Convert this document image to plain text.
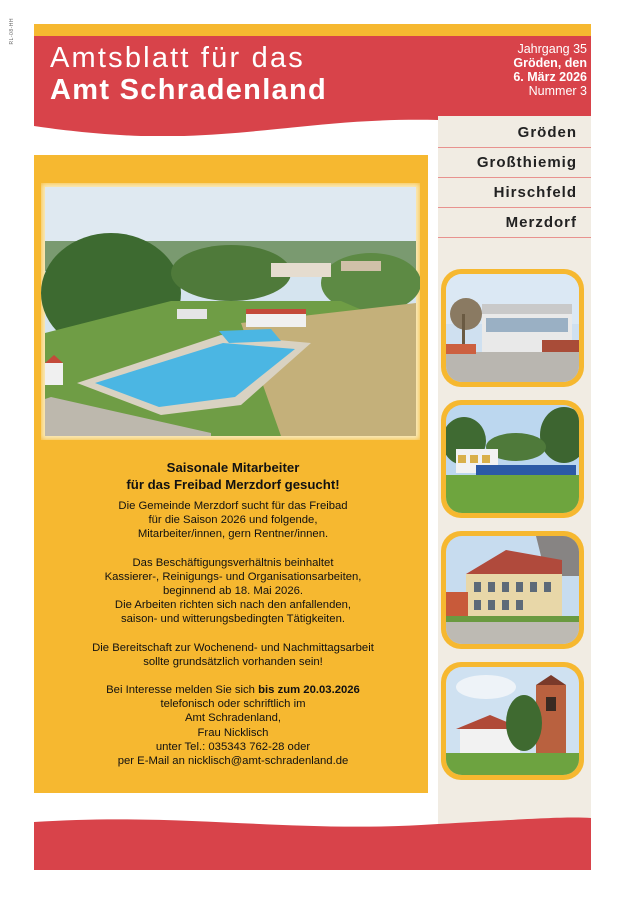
RL-08-HH
Amtsblatt für das
Amt Schradenland
Jahrgang 35
Gröden, den
6. März 2026
Nummer 3
Gröden
Großthiemig
Hirschfeld
Merzdorf
Saisonale Mitarbeiter
für das Freibad Merzdorf gesucht!

Die Gemeinde Merzdorf sucht für das Freibad
für die Saison 2026 und folgende,
Mitarbeiter/innen, gern Rentner/innen.

Das Beschäftigungsverhältnis beinhaltet
Kassierer-, Reinigungs- und Organisationsarbeiten,
beginnend ab 18. Mai 2026.
Die Arbeiten richten sich nach den anfallenden,
saison- und witterungsbedingten Tätigkeiten.

Die Bereitschaft zur Wochenend- und Nachmittagsarbeit
sollte grundsätzlich vorhanden sein!

Bei Interesse melden Sie sich bis zum 20.03.2026
telefonisch oder schriftlich im
Amt Schradenland,
Frau Nicklisch
unter Tel.: 035343 762-28 oder
per E-Mail an nicklisch@amt-schradenland.de
